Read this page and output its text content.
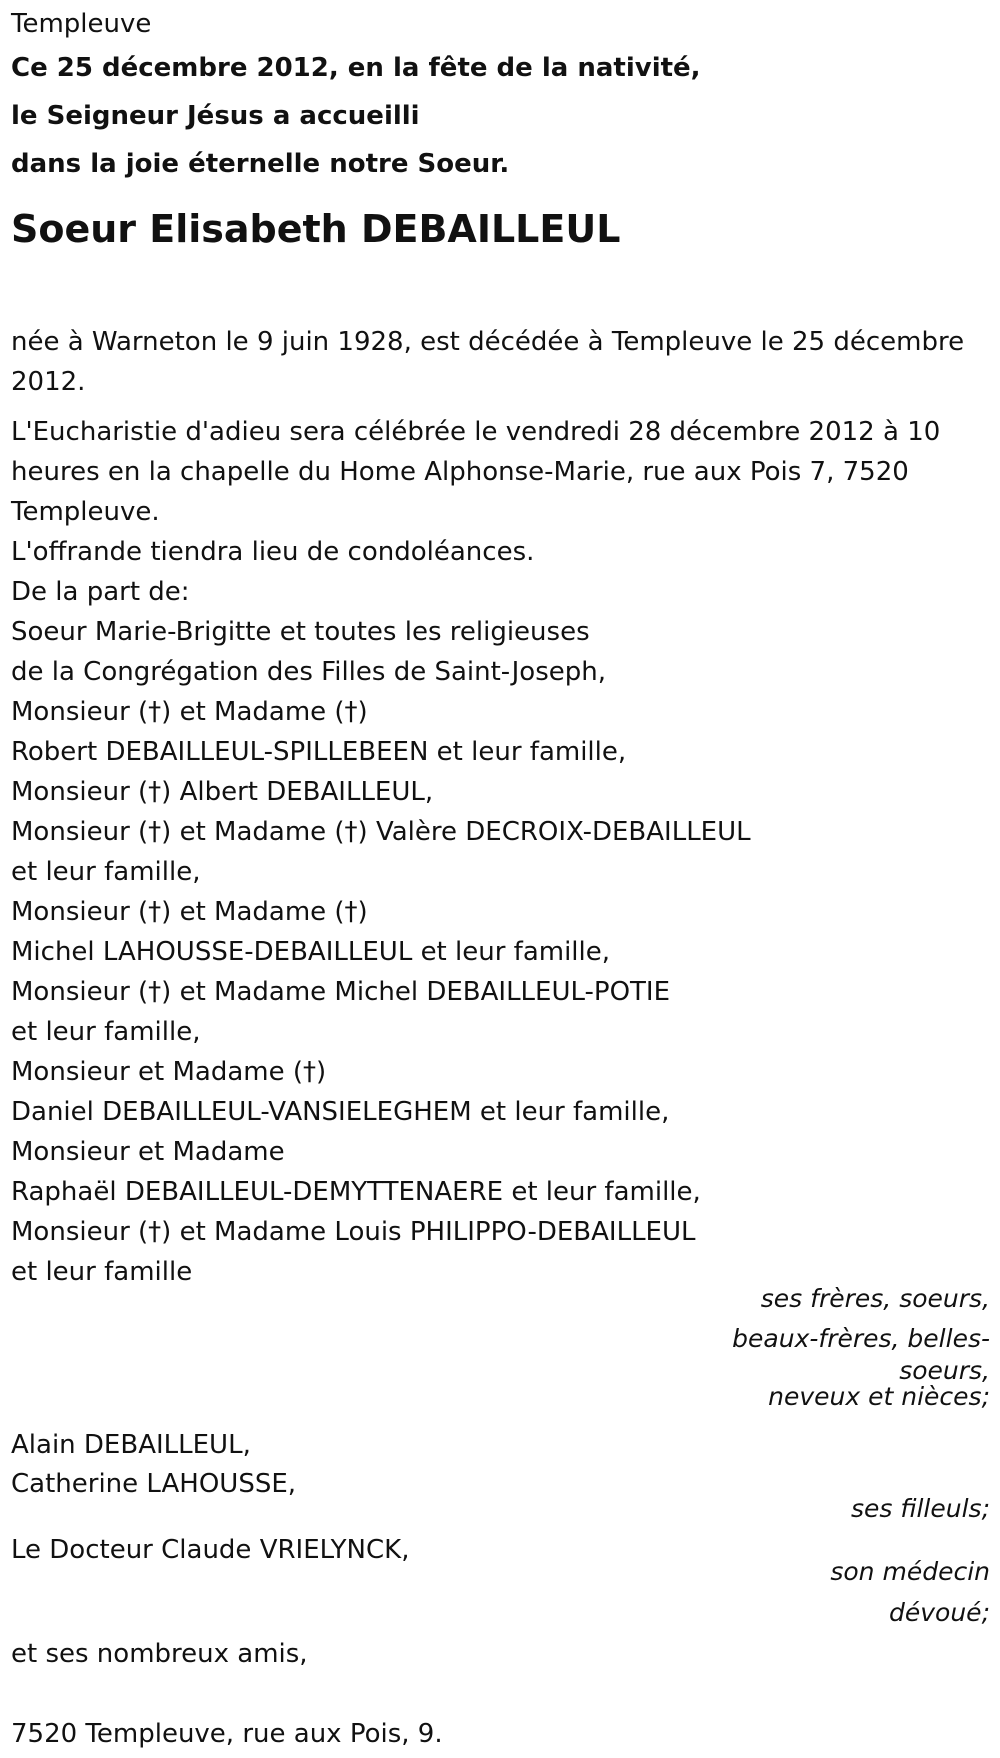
Templeuve
Ce 25 décembre 2012, en la fête de la nativité,
le Seigneur Jésus a accueilli
dans la joie éternelle notre Soeur.
Soeur Elisabeth DEBAILLEUL
née à Warneton le 9 juin 1928, est décédée à Templeuve le 25 décembre 2012.
L'Eucharistie d'adieu sera célébrée le vendredi 28 décembre 2012 à 10 heures en la chapelle du Home Alphonse-Marie, rue aux Pois 7, 7520 Templeuve.
L'offrande tiendra lieu de condoléances.
De la part de:
Soeur Marie-Brigitte et toutes les religieuses
de la Congrégation des Filles de Saint-Joseph,
Monsieur (†) et Madame (†)
Robert DEBAILLEUL-SPILLEBEEN et leur famille,
Monsieur (†) Albert DEBAILLEUL,
Monsieur (†) et Madame (†) Valère DECROIX-DEBAILLEUL
et leur famille,
Monsieur (†) et Madame (†)
Michel LAHOUSSE-DEBAILLEUL et leur famille,
Monsieur (†) et Madame Michel DEBAILLEUL-POTIE
et leur famille,
Monsieur et Madame (†)
Daniel DEBAILLEUL-VANSIELEGHEM et leur famille,
Monsieur et Madame
Raphaël DEBAILLEUL-DEMYTTENAERE et leur famille,
Monsieur (†) et Madame Louis PHILIPPO-DEBAILLEUL
et leur famille
ses frères, soeurs,
beaux-frères, belles-
soeurs,
neveux et nièces;
Alain DEBAILLEUL,
Catherine LAHOUSSE,
ses filleuls;
Le Docteur Claude VRIELYNCK,
son médecin
dévoué;
et ses nombreux amis,
7520 Templeuve, rue aux Pois, 9.
